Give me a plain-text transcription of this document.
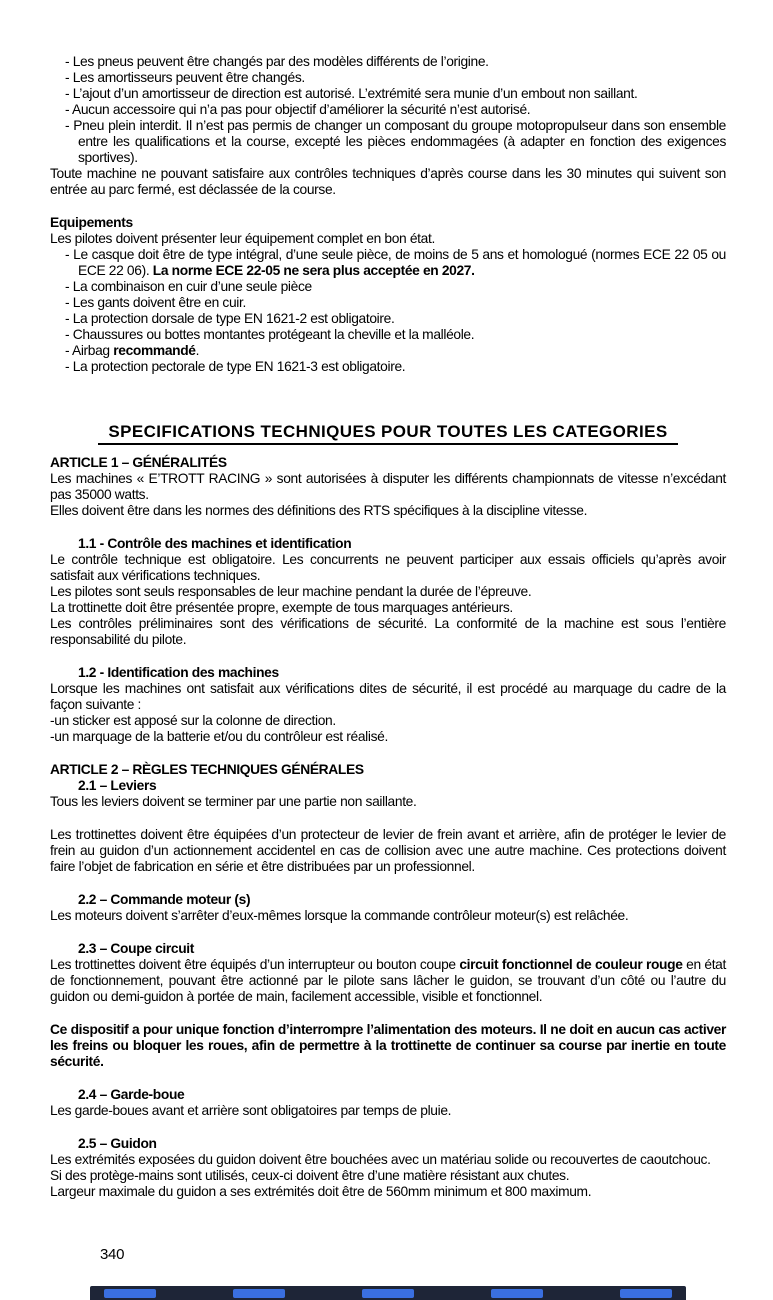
- Les pneus peuvent être changés par des modèles différents de l’origine.
- Les amortisseurs peuvent être changés.
- L’ajout d’un amortisseur de direction est autorisé. L’extrémité sera munie d’un embout non saillant.
- Aucun accessoire qui n’a pas pour objectif d’améliorer la sécurité n’est autorisé.
- Pneu plein interdit. Il n’est pas permis de changer un composant du groupe motopropulseur dans son ensemble entre les qualifications et la course, excepté les pièces endommagées (à adapter en fonction des exigences sportives).
Toute machine ne pouvant satisfaire aux contrôles techniques d’après course dans les 30 minutes qui suivent son entrée au parc fermé, est déclassée de la course.
Equipements
Les pilotes doivent présenter leur équipement complet en bon état.
- Le casque doit être de type intégral, d’une seule pièce, de moins de 5 ans et homologué (normes ECE 22 05 ou ECE 22 06). La norme ECE 22-05 ne sera plus acceptée en 2027.
- La combinaison en cuir d’une seule pièce
- Les gants doivent être en cuir.
- La protection dorsale de type EN 1621-2 est obligatoire.
- Chaussures ou bottes montantes protégeant la cheville et la malléole.
- Airbag recommandé.
- La protection pectorale de type EN 1621-3 est obligatoire.
SPECIFICATIONS TECHNIQUES POUR TOUTES LES CATEGORIES
ARTICLE 1 – GÉNÉRALITÉS
Les machines « E’TROTT RACING » sont autorisées à disputer les différents championnats de vitesse n’excédant pas 35000 watts.
Elles doivent être dans les normes des définitions des RTS spécifiques à la discipline vitesse.
1.1 - Contrôle des machines et identification
Le contrôle technique est obligatoire. Les concurrents ne peuvent participer aux essais officiels qu’après avoir satisfait aux vérifications techniques.
Les pilotes sont seuls responsables de leur machine pendant la durée de l’épreuve.
La trottinette doit être présentée propre, exempte de tous marquages antérieurs.
Les contrôles préliminaires sont des vérifications de sécurité. La conformité de la machine est sous l’entière responsabilité du pilote.
1.2 - Identification des machines
Lorsque les machines ont satisfait aux vérifications dites de sécurité, il est procédé au marquage du cadre de la façon suivante :
-un sticker est apposé sur la colonne de direction.
-un marquage de la batterie et/ou du contrôleur est réalisé.
ARTICLE 2 – RÈGLES TECHNIQUES GÉNÉRALES
2.1 – Leviers
Tous les leviers doivent se terminer par une partie non saillante.
Les trottinettes doivent être équipées d’un protecteur de levier de frein avant et arrière, afin de protéger le levier de frein au guidon d’un actionnement accidentel en cas de collision avec une autre machine. Ces protections doivent faire l’objet de fabrication en série et être distribuées par un professionnel.
2.2 – Commande moteur (s)
Les moteurs doivent s’arrêter d’eux-mêmes lorsque la commande contrôleur moteur(s) est relâchée.
2.3 – Coupe circuit
Les trottinettes doivent être équipés d’un interrupteur ou bouton coupe circuit fonctionnel de couleur rouge en état de fonctionnement, pouvant être actionné par le pilote sans lâcher le guidon, se trouvant d’un côté ou l’autre du guidon ou demi-guidon à portée de main, facilement accessible, visible et fonctionnel.
Ce dispositif a pour unique fonction d’interrompre l’alimentation des moteurs. Il ne doit en aucun cas activer les freins ou bloquer les roues, afin de permettre à la trottinette de continuer sa course par inertie en toute sécurité.
2.4 – Garde-boue
Les garde-boues avant et arrière sont obligatoires par temps de pluie.
2.5 – Guidon
Les extrémités exposées du guidon doivent être bouchées avec un matériau solide ou recouvertes de caoutchouc.
Si des protège-mains sont utilisés, ceux-ci doivent être d’une matière résistant aux chutes.
Largeur maximale du guidon a ses extrémités doit être de 560mm minimum et 800 maximum.
340
